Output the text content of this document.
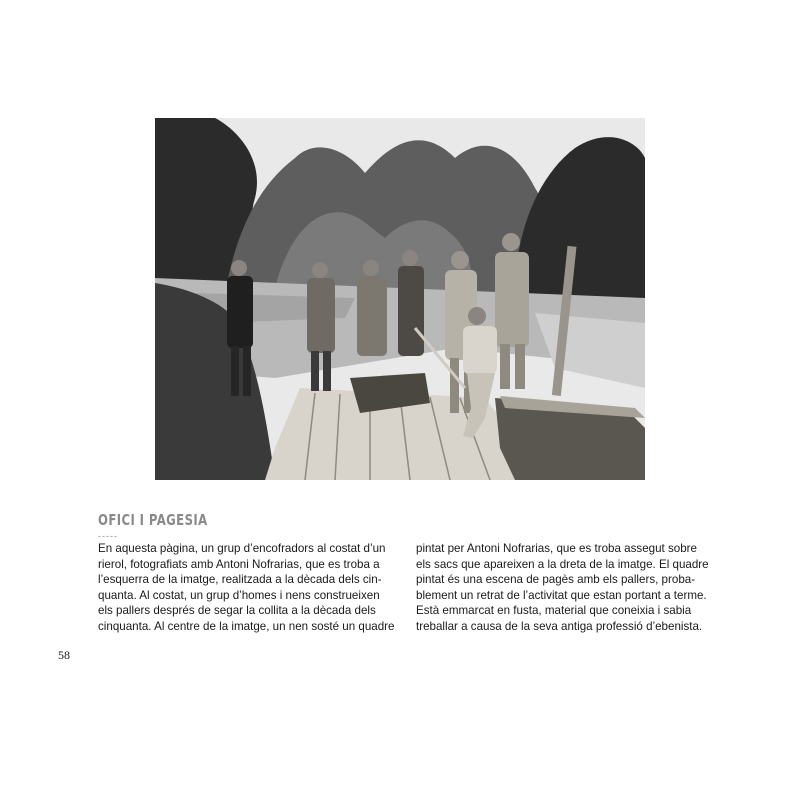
OFICI I PAGESIA
-----
En aquesta pàgina, un grup d’encofradors al costat d’un
rierol, fotografiats amb Antoni Nofrarias, que es troba a
l’esquerra de la imatge, realitzada a la dècada dels cin-
quanta. Al costat, un grup d’homes i nens construeixen
els pallers després de segar la collita a la dècada dels
cinquanta. Al centre de la imatge, un nen sosté un quadre
pintat per Antoni Nofrarias, que es troba assegut sobre
els sacs que apareixen a la dreta de la imatge. El quadre
pintat és una escena de pagès amb els pallers, proba-
blement un retrat de l’activitat que estan portant a terme.
Està emmarcat en fusta, material que coneixia i sabia
treballar a causa de la seva antiga professió d’ebenista.
58
